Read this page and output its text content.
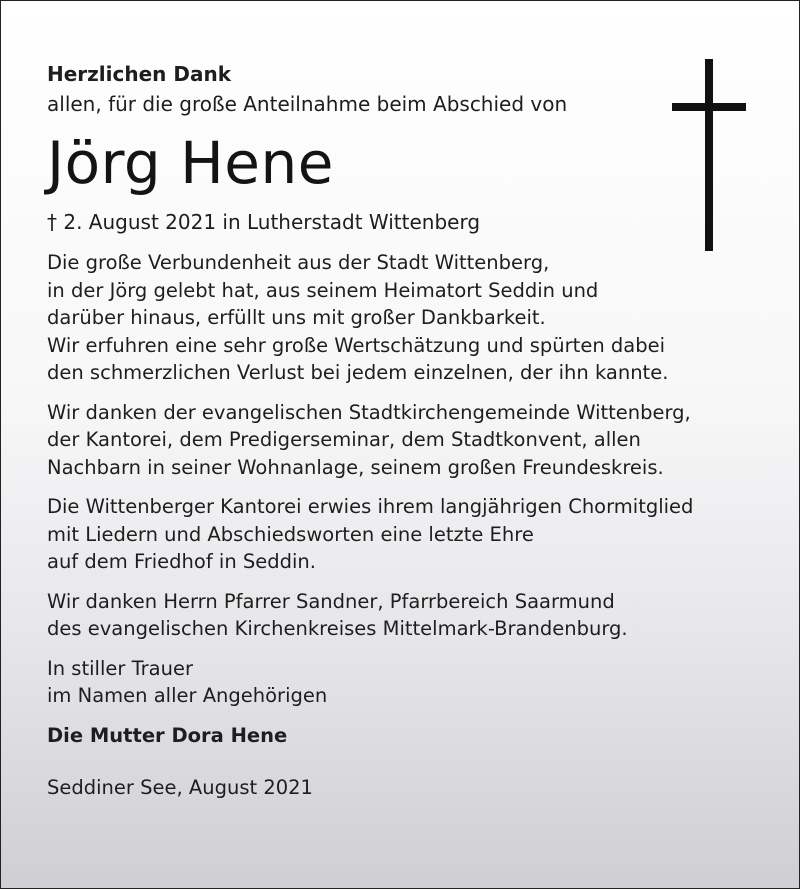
Herzlichen Dank

allen, für die große Anteilnahme beim Abschied von

Jörg Hene

† 2. August 2021 in Lutherstadt Wittenberg

Die große Verbundenheit aus der Stadt Wittenberg,
in der Jörg gelebt hat, aus seinem Heimatort Seddin und
darüber hinaus, erfüllt uns mit großer Dankbarkeit.
Wir erfuhren eine sehr große Wertschätzung und spürten dabei
den schmerzlichen Verlust bei jedem einzelnen, der ihn kannte.

Wir danken der evangelischen Stadtkirchengemeinde Wittenberg,
der Kantorei, dem Predigerseminar, dem Stadtkonvent, allen
Nachbarn in seiner Wohnanlage, seinem großen Freundeskreis.

Die Wittenberger Kantorei erwies ihrem langjährigen Chormitglied
mit Liedern und Abschiedsworten eine letzte Ehre
auf dem Friedhof in Seddin.

Wir danken Herrn Pfarrer Sandner, Pfarrbereich Saarmund
des evangelischen Kirchenkreises Mittelmark-Brandenburg.

In stiller Trauer
im Namen aller Angehörigen

Die Mutter Dora Hene

Seddiner See, August 2021
